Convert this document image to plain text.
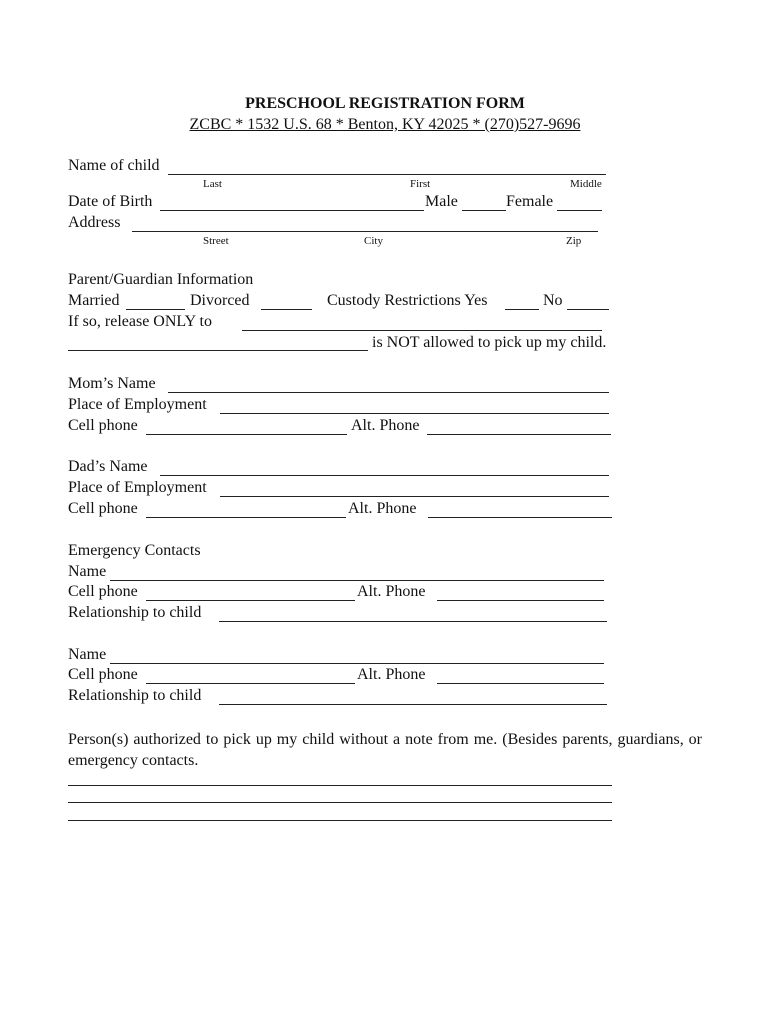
PRESCHOOL REGISTRATION FORM
ZCBC * 1532 U.S. 68 * Benton, KY 42025 * (270)527-9696
Name of child
Last	First	Middle
Date of Birth	Male	Female
Address
Street	City	Zip
Parent/Guardian Information
Married	Divorced	Custody Restrictions Yes	No
If so, release ONLY to
is NOT allowed to pick up my child.
Mom’s Name
Place of Employment
Cell phone	Alt. Phone
Dad’s Name
Place of Employment
Cell phone	Alt. Phone
Emergency Contacts
Name
Cell phone	Alt. Phone
Relationship to child
Name
Cell phone	Alt. Phone
Relationship to child
Person(s) authorized to pick up my child without a note from me. (Besides parents, guardians, or emergency contacts.
